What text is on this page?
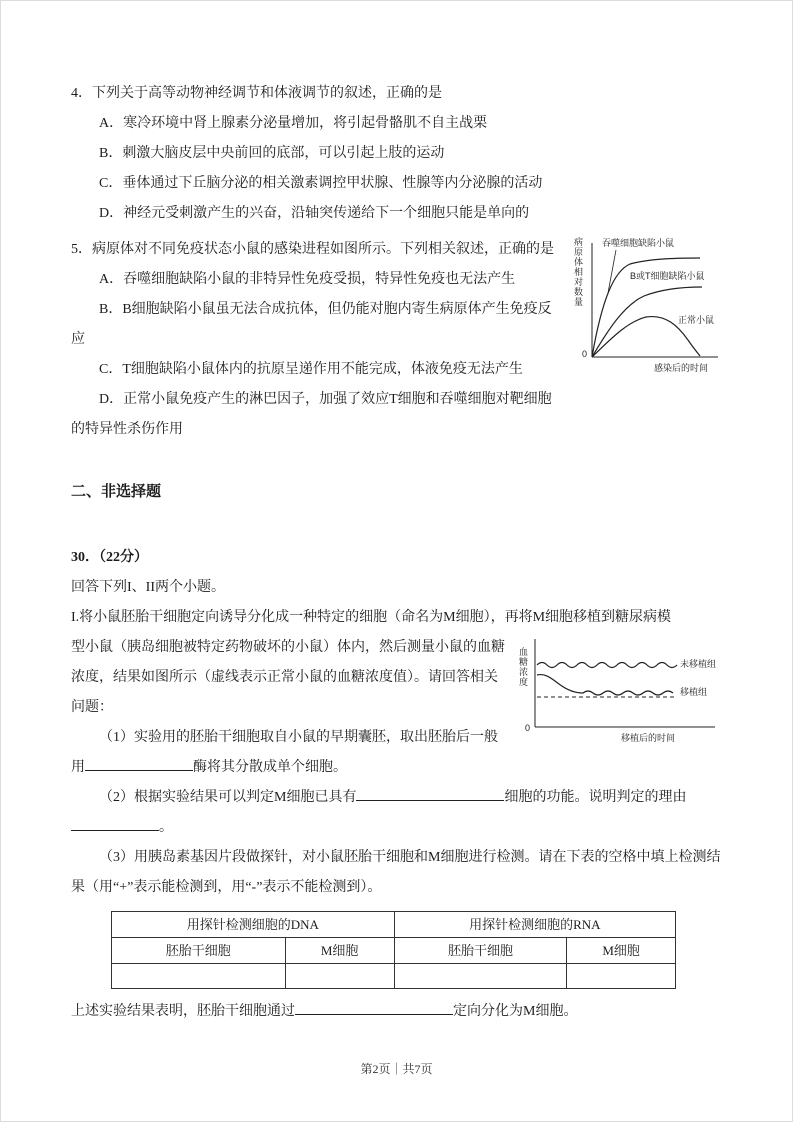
4．下列关于高等动物神经调节和体液调节的叙述，正确的是

A．寒冷环境中肾上腺素分泌量增加，将引起骨骼肌不自主战栗

B．刺激大脑皮层中央前回的底部，可以引起上肢的运动

C．垂体通过下丘脑分泌的相关激素调控甲状腺、性腺等内分泌腺的活动

D．神经元受刺激产生的兴奋，沿轴突传递给下一个细胞只能是单向的

病原体相对数量 吞噬细胞缺陷小鼠
B或T细胞缺陷小鼠
正常小鼠
0
感染后的时间

5．病原体对不同免疫状态小鼠的感染进程如图所示。下列相关叙述，正确的是

A．吞噬细胞缺陷小鼠的非特异性免疫受损，特异性免疫也无法产生

B．B细胞缺陷小鼠虽无法合成抗体，但仍能对胞内寄生病原体产生免疫反应

C．T细胞缺陷小鼠体内的抗原呈递作用不能完成，体液免疫无法产生

D．正常小鼠免疫产生的淋巴因子，加强了效应T细胞和吞噬细胞对靶细胞的特异性杀伤作用

二、非选择题

30．（22分）

回答下列I、II两个小题。

I.将小鼠胚胎干细胞定向诱导分化成一种特定的细胞（命名为M细胞），再将M细胞移植到糖尿病模

血糖浓度	未移植组
移植组
0
移植后的时间

型小鼠（胰岛细胞被特定药物破坏的小鼠）体内，然后测量小鼠的血糖浓度，结果如图所示（虚线表示正常小鼠的血糖浓度值）。请回答相关问题：

（1）实验用的胚胎干细胞取自小鼠的早期囊胚，取出胚胎后一般用	酶将其分散成单个细胞。

（2）根据实验结果可以判定M细胞已具有	细胞的功能。说明判定的理由。

（3）用胰岛素基因片段做探针，对小鼠胚胎干细胞和M细胞进行检测。请在下表的空格中填上检测结果（用“+”表示能检测到，用“-”表示不能检测到）。

用探针检测细胞的DNA		用探针检测细胞的RNA	
胚胎干细胞	M细胞	胚胎干细胞	M细胞

上述实验结果表明，胚胎干细胞通过	定向分化为M细胞。

第2页｜共7页
